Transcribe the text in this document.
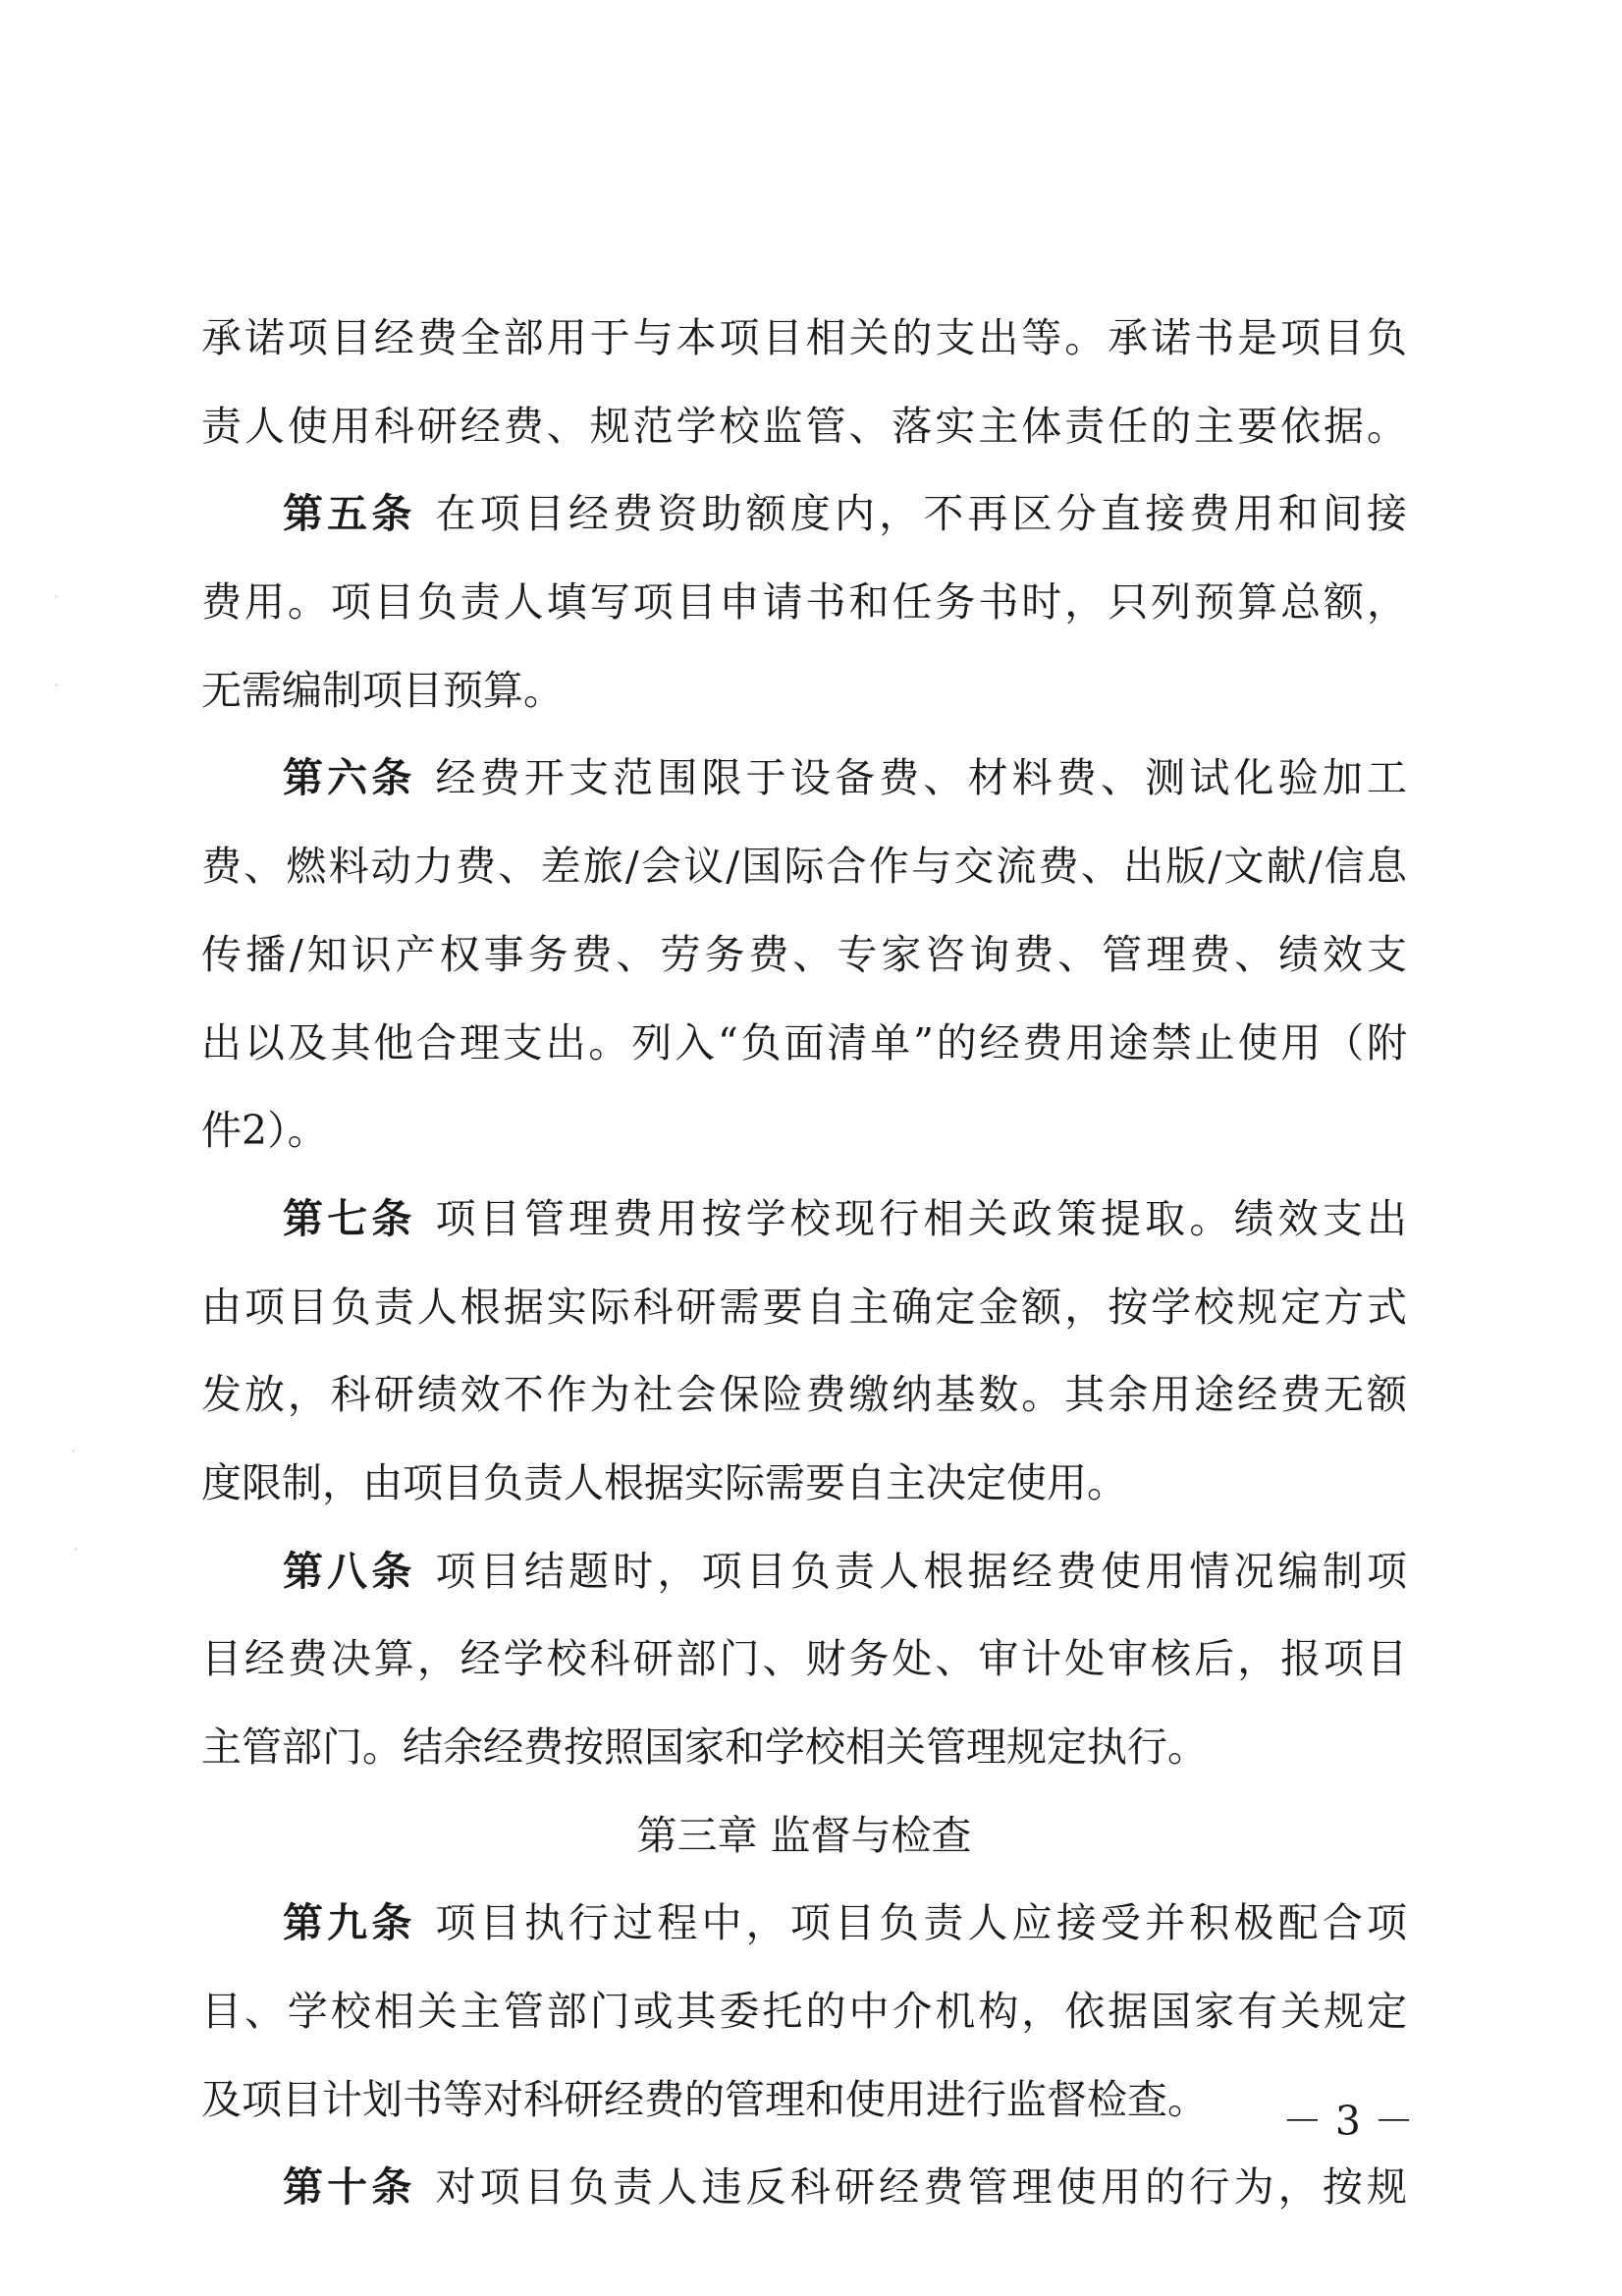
承诺项目经费全部用于与本项目相关的支出等。承诺书是项目负
责人使用科研经费、规范学校监管、落实主体责任的主要依据。
第五条 在项目经费资助额度内，不再区分直接费用和间接
费用。项目负责人填写项目申请书和任务书时，只列预算总额，
无需编制项目预算。
第六条 经费开支范围限于设备费、材料费、测试化验加工
费、燃料动力费、差旅/会议/国际合作与交流费、出版/文献/信息
传播/知识产权事务费、劳务费、专家咨询费、管理费、绩效支
出以及其他合理支出。列入“负面清单”的经费用途禁止使用（附
件2）。
第七条 项目管理费用按学校现行相关政策提取。绩效支出
由项目负责人根据实际科研需要自主确定金额，按学校规定方式
发放，科研绩效不作为社会保险费缴纳基数。其余用途经费无额
度限制，由项目负责人根据实际需要自主决定使用。
第八条 项目结题时，项目负责人根据经费使用情况编制项
目经费决算，经学校科研部门、财务处、审计处审核后，报项目
主管部门。结余经费按照国家和学校相关管理规定执行。
第三章 监督与检查
第九条 项目执行过程中，项目负责人应接受并积极配合项
目、学校相关主管部门或其委托的中介机构，依据国家有关规定
及项目计划书等对科研经费的管理和使用进行监督检查。
第十条 对项目负责人违反科研经费管理使用的行为，按规
－ 3 －
·
·
·
·
